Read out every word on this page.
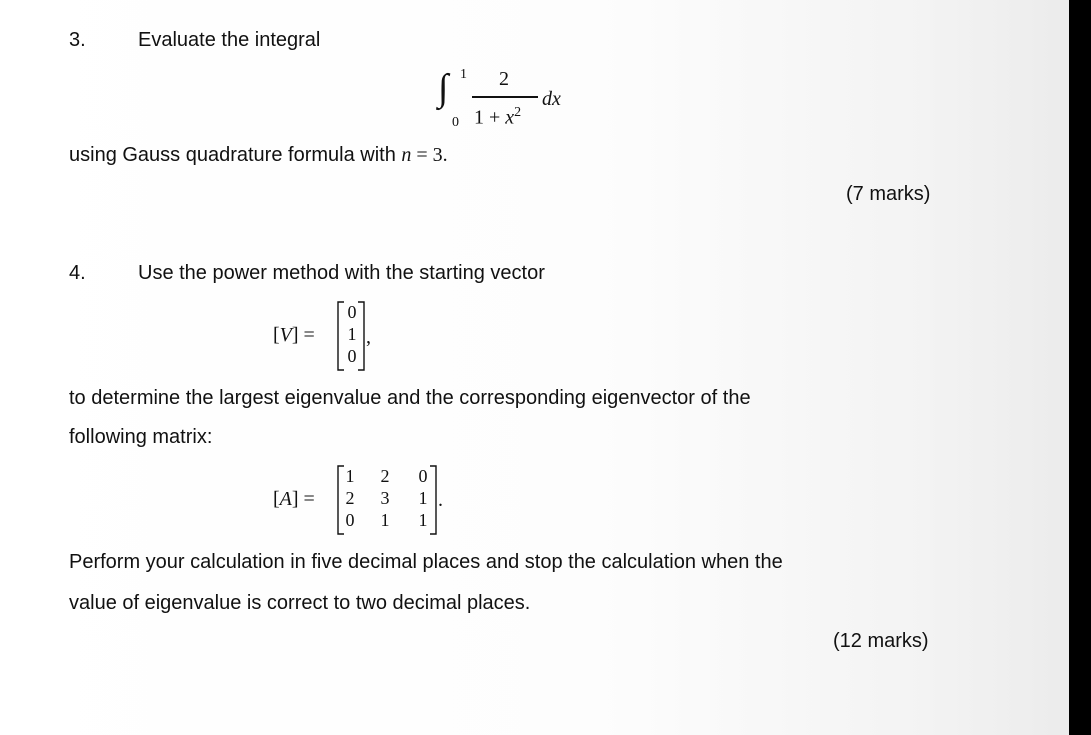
3.	Evaluate the integral
∫ 1
0
2
$1 + x^2$
dx
using Gauss quadrature formula with n = 3.
(7 marks)
4.	Use the power method with the starting vector
[V] =
0
1
0
,
to determine the largest eigenvalue and the corresponding eigenvector of the
following matrix:
[A] =
1 2 0
2 3 1
0 1 1
.
Perform your calculation in five decimal places and stop the calculation when the
value of eigenvalue is correct to two decimal places.
(12 marks)
